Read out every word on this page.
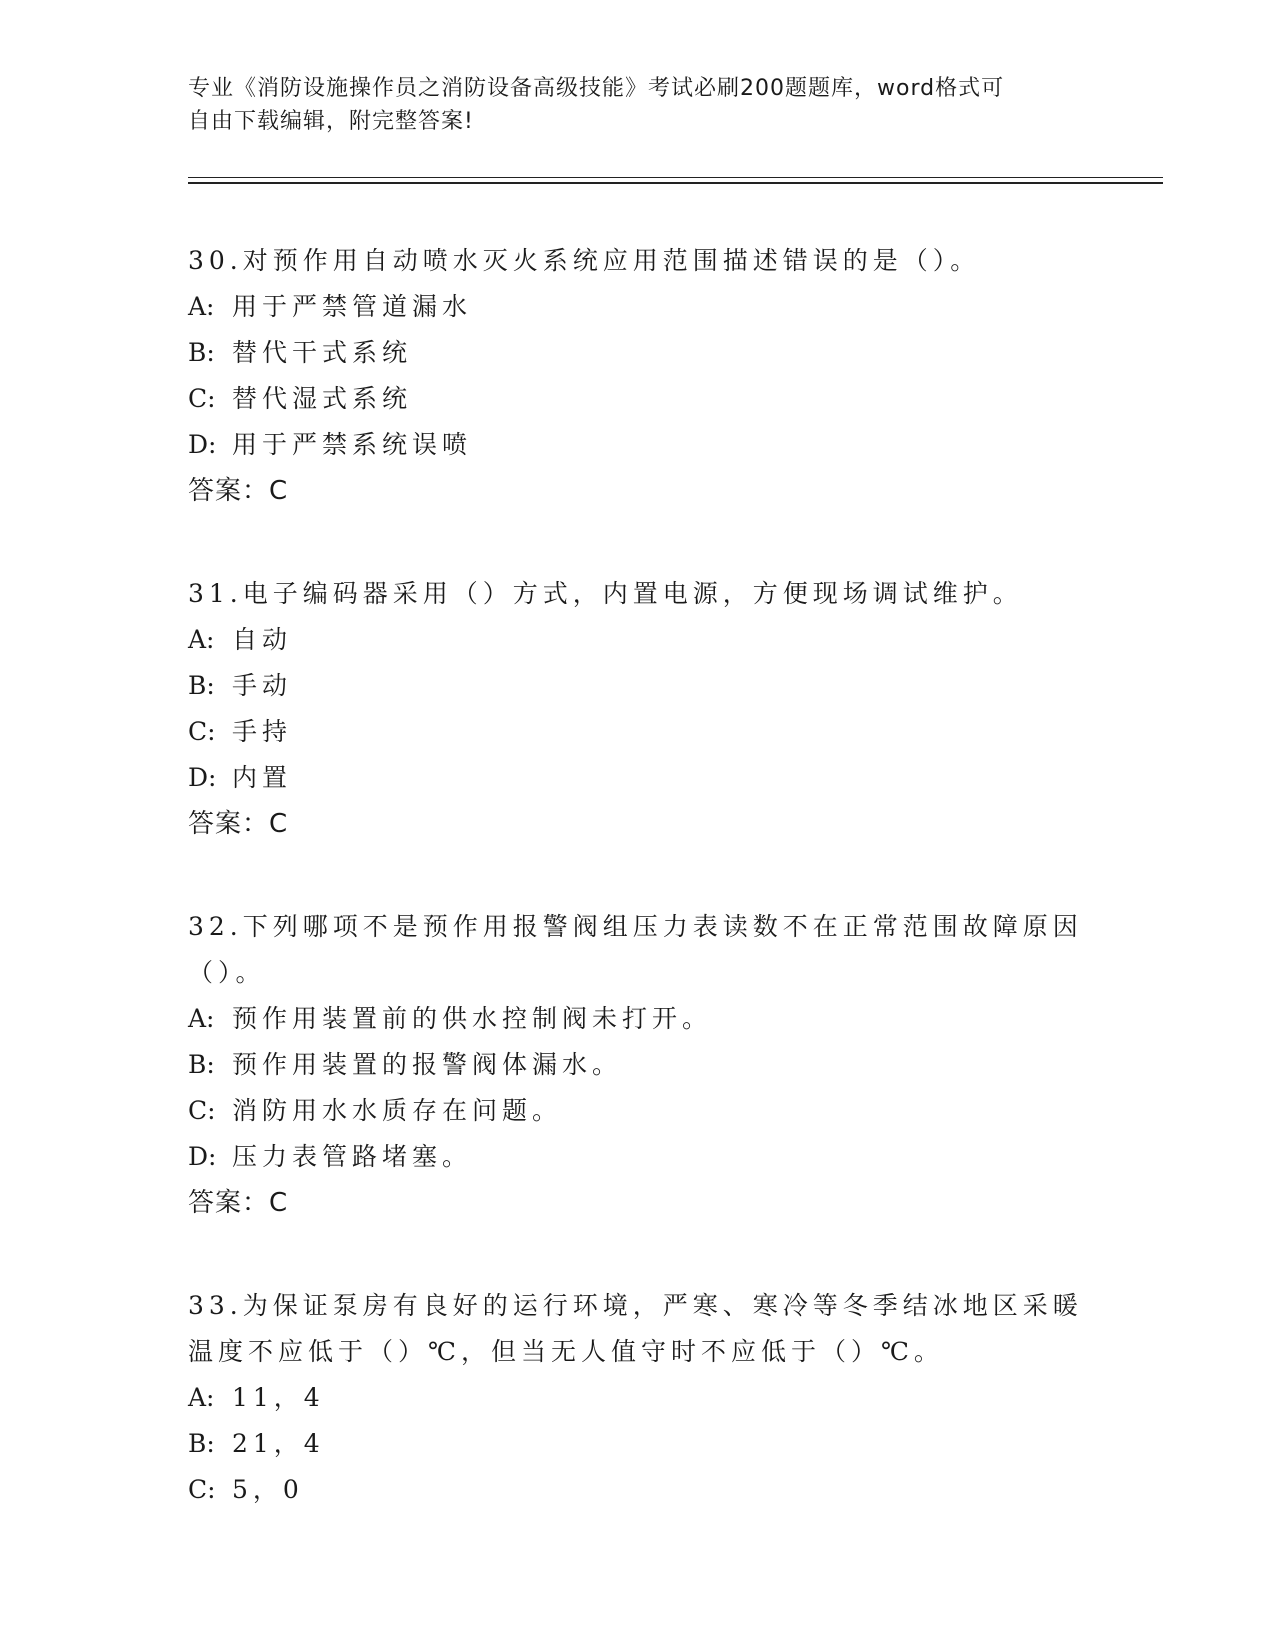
专业《消防设施操作员之消防设备高级技能》考试必刷200题题库，word格式可
自由下载编辑，附完整答案!

30.对预作用自动喷水灭火系统应用范围描述错误的是（）。

A: 用于严禁管道漏水

B: 替代干式系统

C: 替代湿式系统

D: 用于严禁系统误喷

答案：C

31.电子编码器采用（）方式，内置电源，方便现场调试维护。

A: 自动

B: 手动

C: 手持

D: 内置

答案：C

32.下列哪项不是预作用报警阀组压力表读数不在正常范围故障原因（）。

A: 预作用装置前的供水控制阀未打开。

B: 预作用装置的报警阀体漏水。

C: 消防用水水质存在问题。

D: 压力表管路堵塞。

答案：C

33.为保证泵房有良好的运行环境，严寒、寒冷等冬季结冰地区采暖温度不应低于（）℃，但当无人值守时不应低于（）℃。

A: 11，4

B: 21，4

C: 5，0
